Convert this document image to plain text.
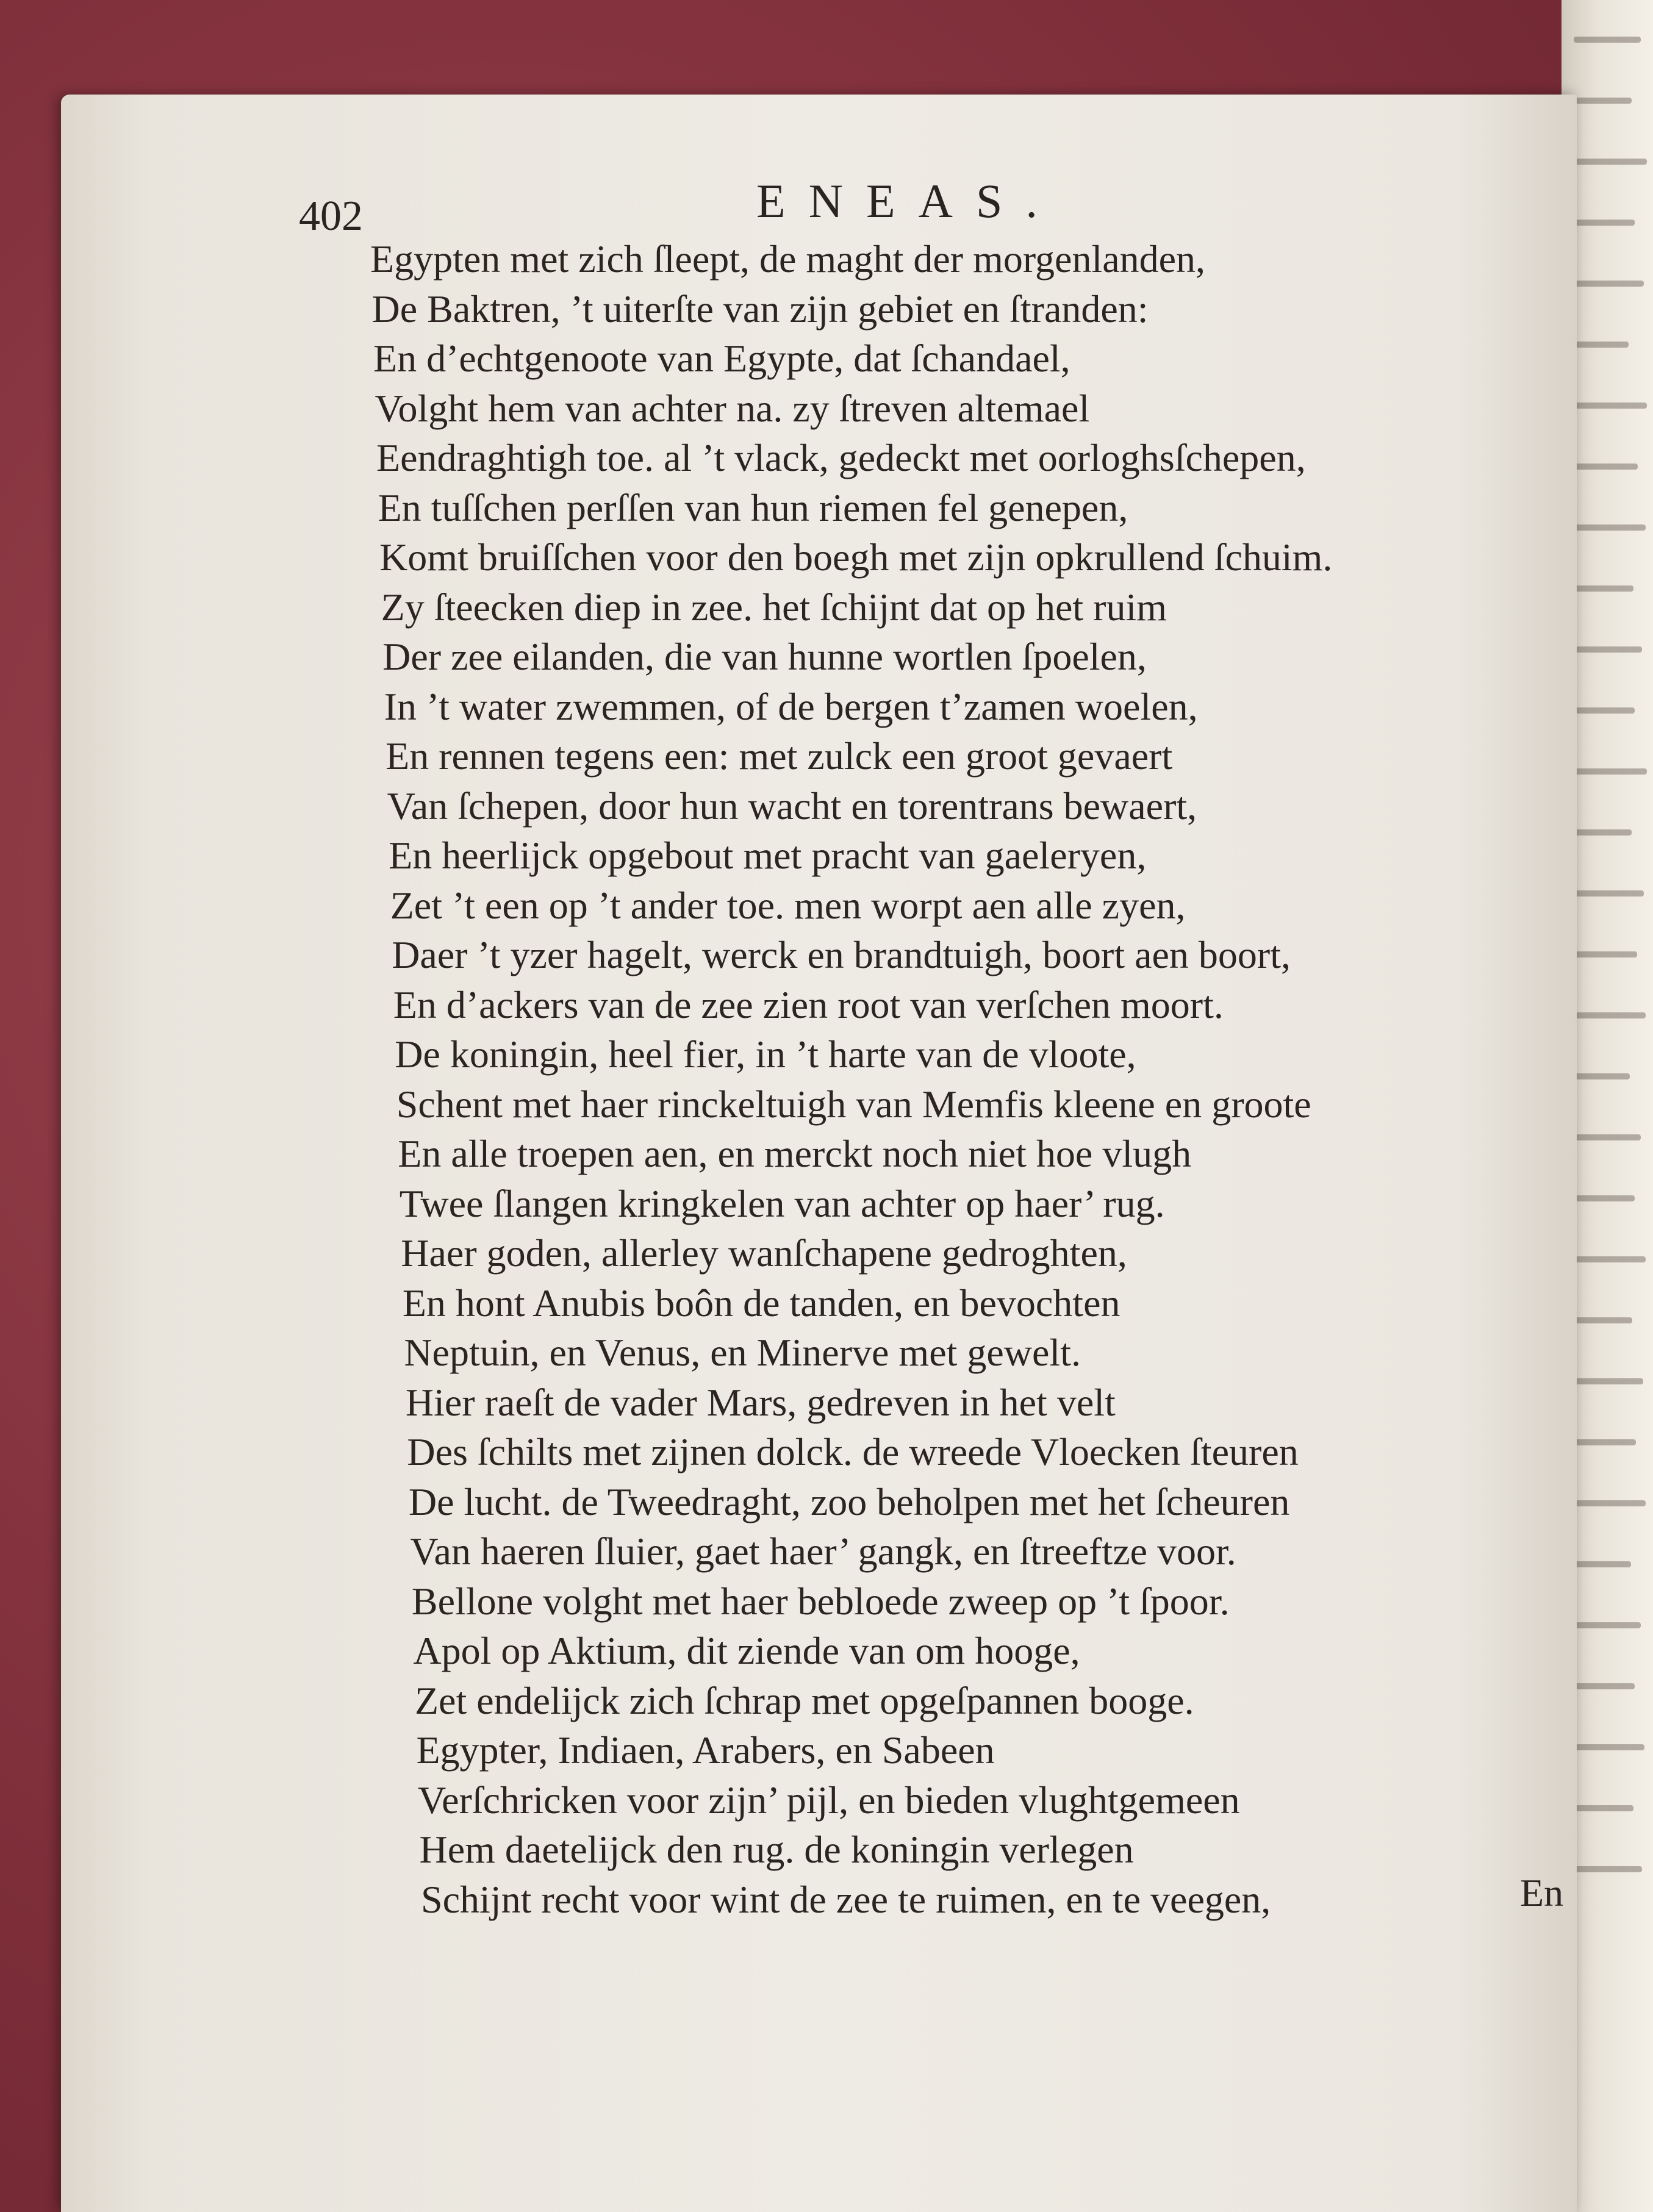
402	ENEAS.
Egypten met zich ſleept, de maght der morgenlanden,
De Baktren, ’t uiterſte van zijn gebiet en ſtranden:
En d’echtgenoote van Egypte, dat ſchandael,
Volght hem van achter na. zy ſtreven altemael
Eendraghtigh toe. al ’t vlack, gedeckt met oorloghsſchepen,
En tuſſchen perſſen van hun riemen fel genepen,
Komt bruiſſchen voor den boegh met zijn opkrullend ſchuim.
Zy ſteecken diep in zee. het ſchijnt dat op het ruim
Der zee eilanden, die van hunne wortlen ſpoelen,
In ’t water zwemmen, of de bergen t’zamen woelen,
En rennen tegens een: met zulck een groot gevaert
Van ſchepen, door hun wacht en torentrans bewaert,
En heerlijck opgebout met pracht van gaeleryen,
Zet ’t een op ’t ander toe. men worpt aen alle zyen,
Daer ’t yzer hagelt, werck en brandtuigh, boort aen boort,
En d’ackers van de zee zien root van verſchen moort.
De koningin, heel fier, in ’t harte van de vloote,
Schent met haer rinckeltuigh van Memfis kleene en groote
En alle troepen aen, en merckt noch niet hoe vlugh
Twee ſlangen kringkelen van achter op haer’ rug.
Haer goden, allerley wanſchapene gedroghten,
En hont Anubis boôn de tanden, en bevochten
Neptuin, en Venus, en Minerve met gewelt.
Hier raeſt de vader Mars, gedreven in het velt
Des ſchilts met zijnen dolck. de wreede Vloecken ſteuren
De lucht. de Tweedraght, zoo beholpen met het ſcheuren
Van haeren ſluier, gaet haer’ gangk, en ſtreeftze voor.
Bellone volght met haer bebloede zweep op ’t ſpoor.
Apol op Aktium, dit ziende van om hooge,
Zet endelijck zich ſchrap met opgeſpannen booge.
Egypter, Indiaen, Arabers, en Sabeen
Verſchricken voor zijn’ pijl, en bieden vlughtgemeen
Hem daetelijck den rug. de koningin verlegen
Schijnt recht voor wint de zee te ruimen, en te veegen,	En
